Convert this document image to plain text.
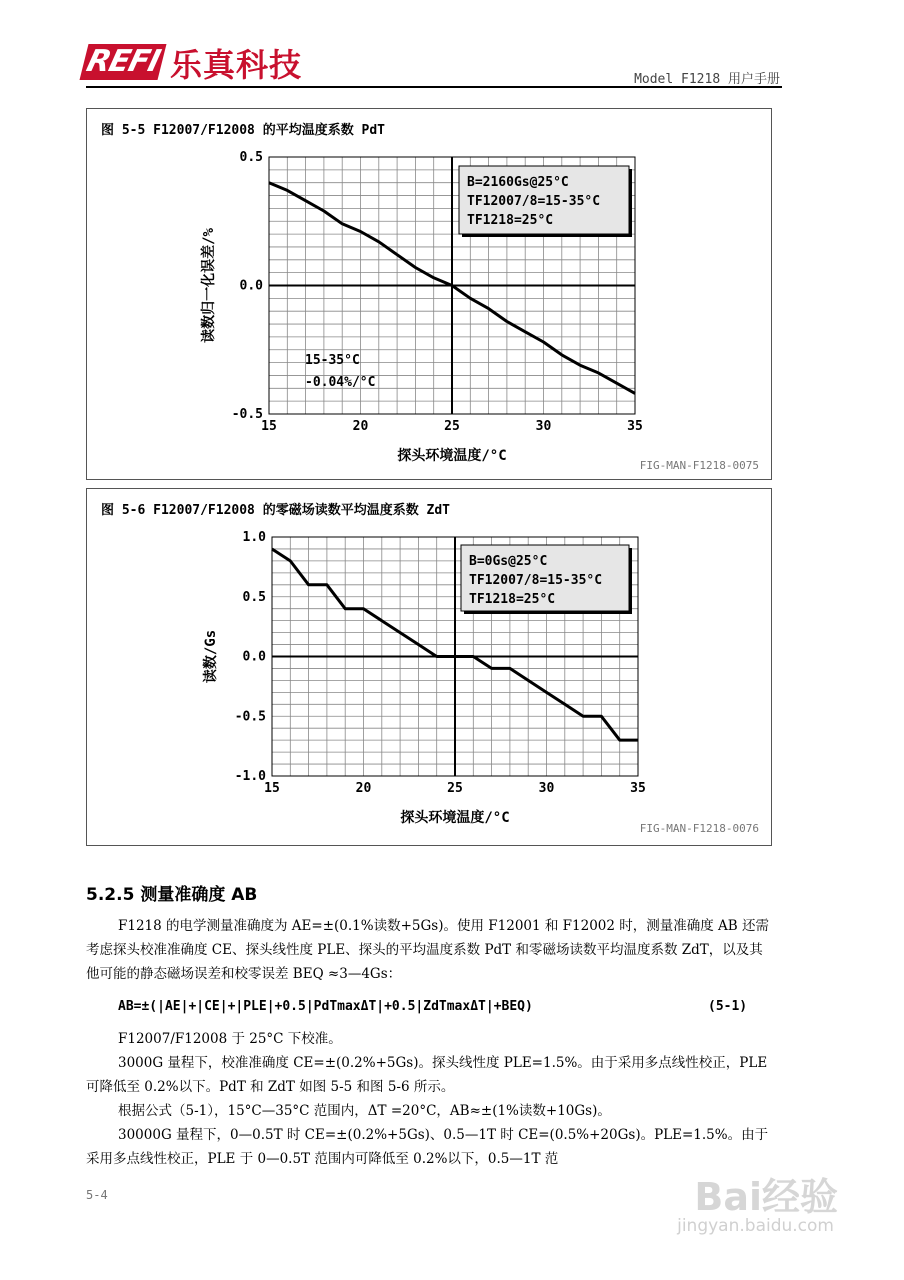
REFI 乐真科技	Model F1218 用户手册
图 5-5 F12007/F12008 的平均温度系数 PdT
15	20	25	30	35
0.5
0.0
-0.5
探头环境温度/°C
读数归一化误差/%
B=2160Gs@25°C
TF12007/8=15-35°C
TF1218=25°C
15-35°C
-0.04%/°C
FIG-MAN-F1218-0075
图 5-6 F12007/F12008 的零磁场读数平均温度系数 ZdT
15	20	25	30	35
1.0
0.5
0.0
-0.5
-1.0
探头环境温度/°C
读数/Gs
B=0Gs@25°C
TF12007/8=15-35°C
TF1218=25°C
FIG-MAN-F1218-0076
5.2.5 测量准确度 AB
F1218 的电学测量准确度为 AE=±(0.1%读数+5Gs)。使用 F12001 和 F12002 时，测量准确度 AB 还需考虑探头校准准确度 CE、探头线性度 PLE、探头的平均温度系数 PdT 和零磁场读数平均温度系数 ZdT，以及其他可能的静态磁场误差和校零误差 BEQ ≈3—4Gs：
AB=±(|AE|+|CE|+|PLE|+0.5|PdTmaxΔT|+0.5|ZdTmaxΔT|+BEQ)	(5-1)
F12007/F12008 于 25°C 下校准。
3000G 量程下，校准准确度 CE=±(0.2%+5Gs)。探头线性度 PLE=1.5%。由于采用多点线性校正，PLE 可降低至 0.2%以下。PdT 和 ZdT 如图 5-5 和图 5-6 所示。
根据公式（5-1），15°C—35°C 范围内，ΔT =20°C，AB≈±(1%读数+10Gs)。
30000G 量程下，0—0.5T 时 CE=±(0.2%+5Gs)、0.5—1T 时 CE=(0.5%+20Gs)。PLE=1.5%。由于采用多点线性校正，PLE 于 0—0.5T 范围内可降低至 0.2%以下，0.5—1T 范
5-4	Bai经验
jingyan.baidu.com
